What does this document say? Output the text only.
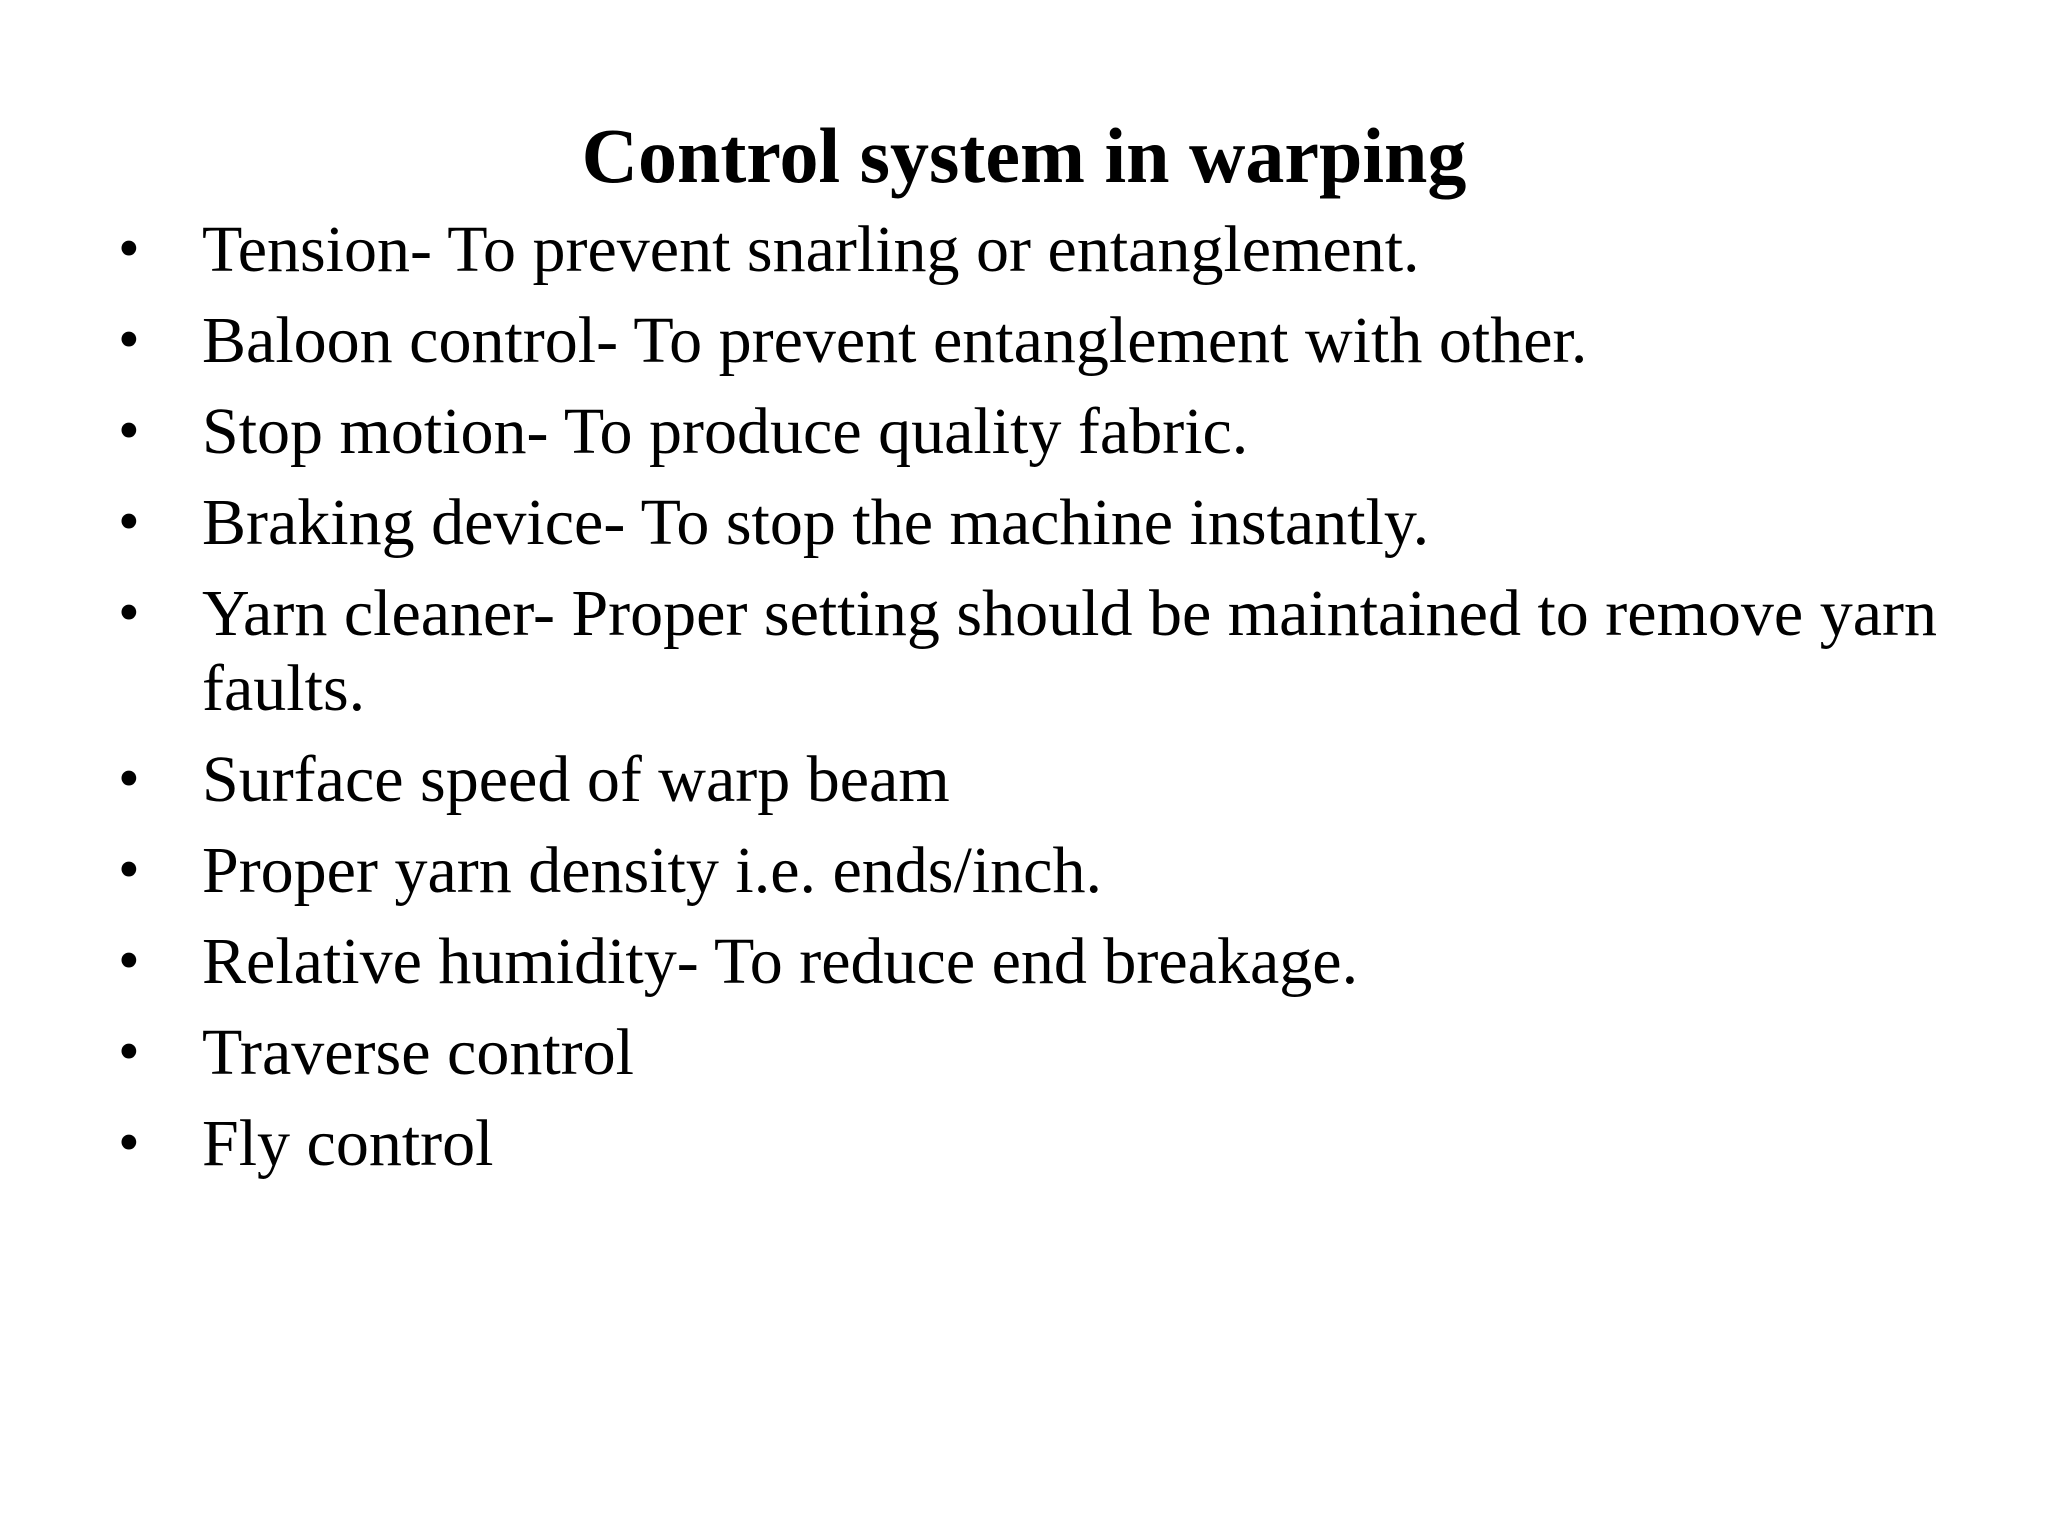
Control system in warping
• Tension- To prevent snarling or entanglement.
• Baloon control- To prevent entanglement with other.
• Stop motion- To produce quality fabric.
• Braking device- To stop the machine instantly.
• Yarn cleaner- Proper setting should be maintained to remove yarn faults.
• Surface speed of warp beam
• Proper yarn density i.e. ends/inch.
• Relative humidity- To reduce end breakage.
• Traverse control
• Fly control
